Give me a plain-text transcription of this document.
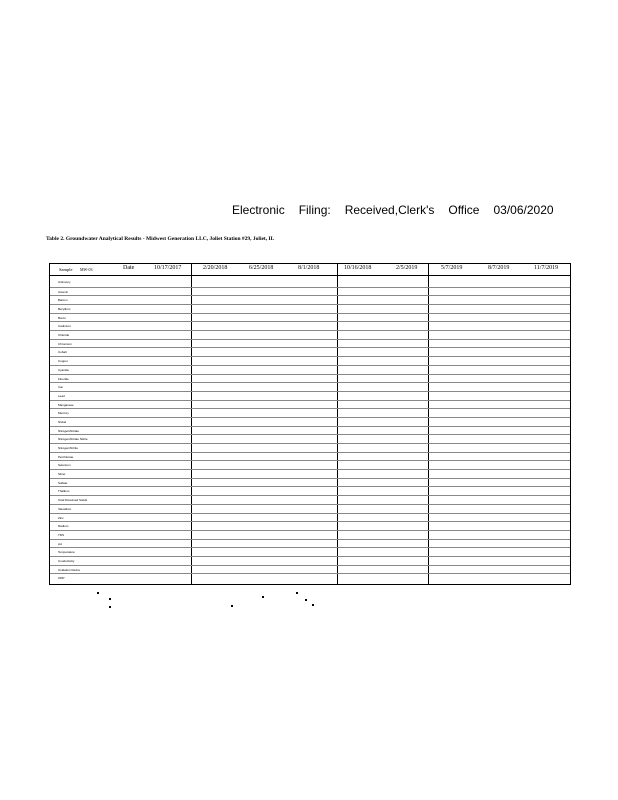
Electronic Filing: Received,Clerk's Office 03/06/2020
Table 2. Groundwater Analytical Results - Midwest Generation LLC, Joliet Station #29, Joliet, IL
Sample MW-03	Date	10/17/2017	2/20/2018	6/25/2018	8/1/2018	10/16/2018	2/5/2019	5/7/2019	8/7/2019	11/7/2019
Antimony
Arsenic
Barium
Beryllium
Boron
Cadmium
Chloride
Chromium
Cobalt
Copper
Cyanide
Fluoride
Iron
Lead
Manganese
Mercury
Nickel
Nitrogen/Nitrate
Nitrogen/Nitrate Nitrite
Nitrogen/Nitrite
Perchlorate
Selenium
Silver
Sulfate
Thallium
Total Dissolved Solids
Vanadium
Zinc
Radium
TDS
pH
Temperature
Conductivity
Oxidation Redox
ORP
